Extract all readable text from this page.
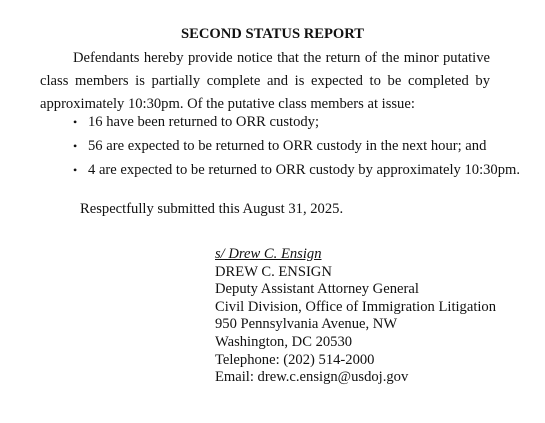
SECOND STATUS REPORT
Defendants hereby provide notice that the return of the minor putative class members is partially complete and is expected to be completed by approximately 10:30pm. Of the putative class members at issue:
• 16 have been returned to ORR custody;
• 56 are expected to be returned to ORR custody in the next hour; and
• 4 are expected to be returned to ORR custody by approximately 10:30pm.
Respectfully submitted this August 31, 2025.
s/ Drew C. Ensign
DREW C. ENSIGN
Deputy Assistant Attorney General
Civil Division, Office of Immigration Litigation
950 Pennsylvania Avenue, NW
Washington, DC 20530
Telephone: (202) 514-2000
Email: drew.c.ensign@usdoj.gov
